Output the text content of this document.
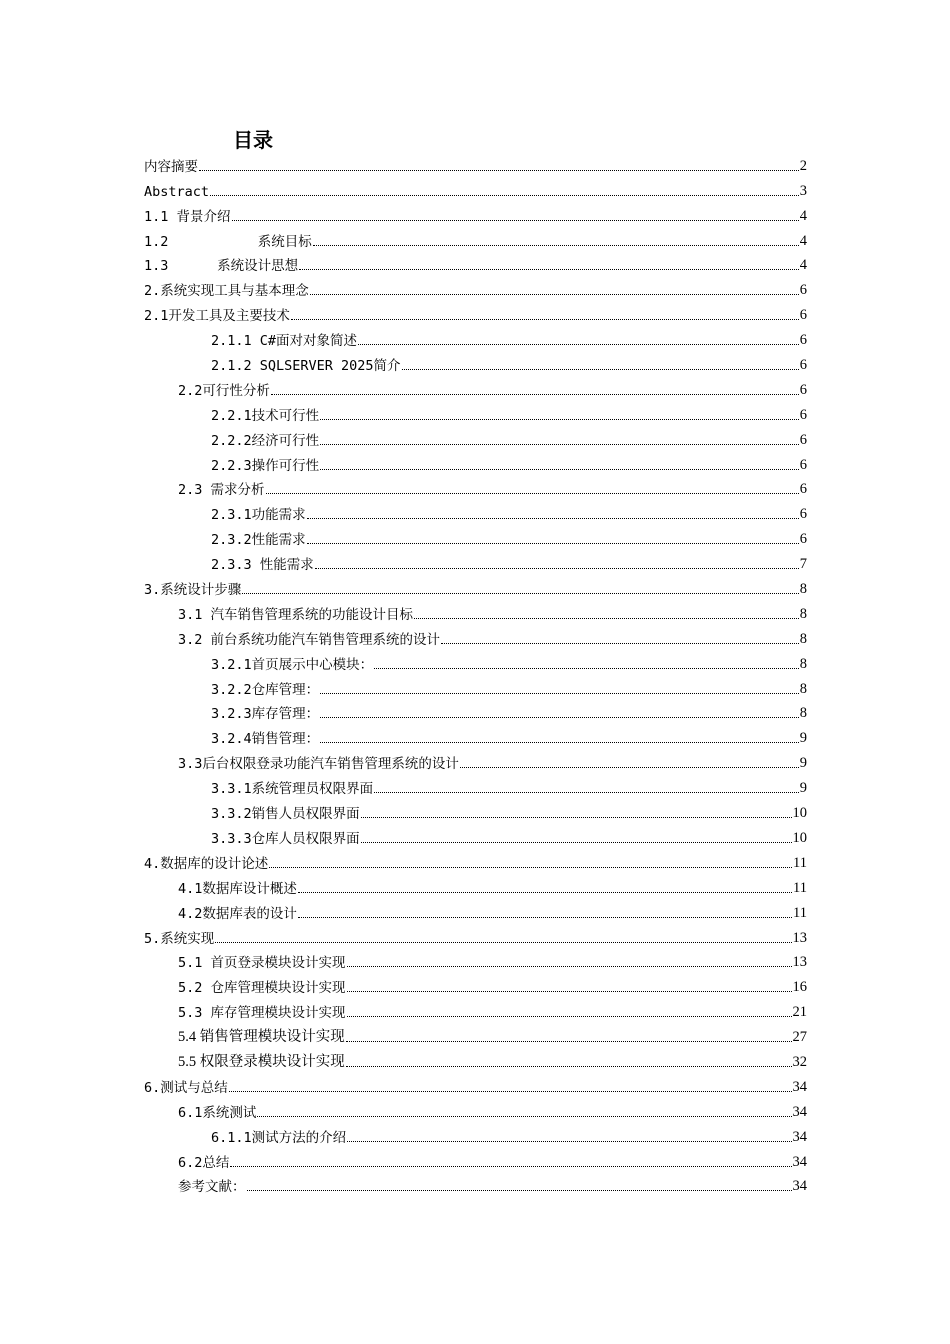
目录
内容摘要	2
Abstract	3
1.1 背景介绍	4
1.2           系统目标	4
1.3      系统设计思想	4
2.系统实现工具与基本理念	6
2.1开发工具及主要技术	6
2.1.1 C#面对对象简述	6
2.1.2 SQLSERVER 2025简介	6
2.2可行性分析	6
2.2.1技术可行性	6
2.2.2经济可行性	6
2.2.3操作可行性	6
2.3 需求分析	6
2.3.1功能需求	6
2.3.2性能需求	6
2.3.3 性能需求	7
3.系统设计步骤	8
3.1 汽车销售管理系统的功能设计目标	8
3.2 前台系统功能汽车销售管理系统的设计	8
3.2.1首页展示中心模块：	8
3.2.2仓库管理：	8
3.2.3库存管理：	8
3.2.4销售管理：	9
3.3后台权限登录功能汽车销售管理系统的设计	9
3.3.1系统管理员权限界面	9
3.3.2销售人员权限界面	10
3.3.3仓库人员权限界面	10
4.数据库的设计论述	11
4.1数据库设计概述	11
4.2数据库表的设计	11
5.系统实现	13
5.1 首页登录模块设计实现	13
5.2 仓库管理模块设计实现	16
5.3 库存管理模块设计实现	21
5.4 销售管理模块设计实现	27
5.5 权限登录模块设计实现	32
6.测试与总结	34
6.1系统测试	34
6.1.1测试方法的介绍	34
6.2总结	34
参考文献：	34
